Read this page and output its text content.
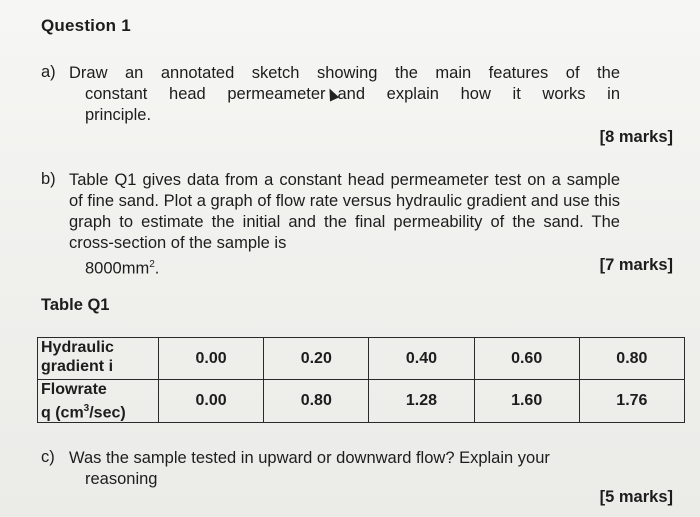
Question 1
a) Draw an annotated sketch showing the main features of the
constant head permeameter and explain how it works in
principle.
[8 marks]
b) Table Q1 gives data from a constant head permeameter test on a sample of fine sand. Plot a graph of flow rate versus hydraulic gradient and use this graph to estimate the initial and the final permeability of the sand. The cross-section of the sample is
$8000mm^2$.	[7 marks]
Table Q1
Hydraulic
gradient i	0.00	0.20	0.40	0.60	0.80

Flowrate
q $(cm^3/\sec)$	0.00	0.80	1.28	1.60	1.76
c) Was the sample tested in upward or downward flow? Explain your
reasoning
[5 marks]
